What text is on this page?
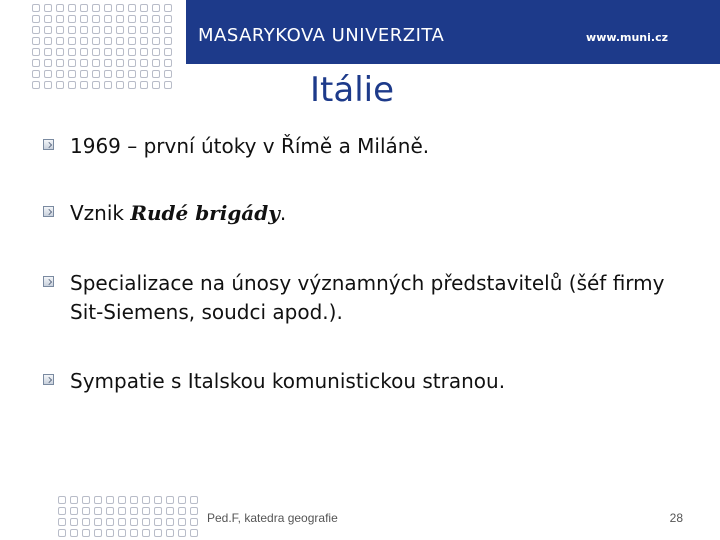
MASARYKOVA UNIVERZITA	www.muni.cz
Itálie
1969 – první útoky v Římě a Miláně.
Vznik Rudé brigády.
Specializace na únosy významných představitelů (šéf firmy Sit-Siemens, soudci apod.).
Sympatie s Italskou komunistickou stranou.
Ped.F, katedra geografie	28
